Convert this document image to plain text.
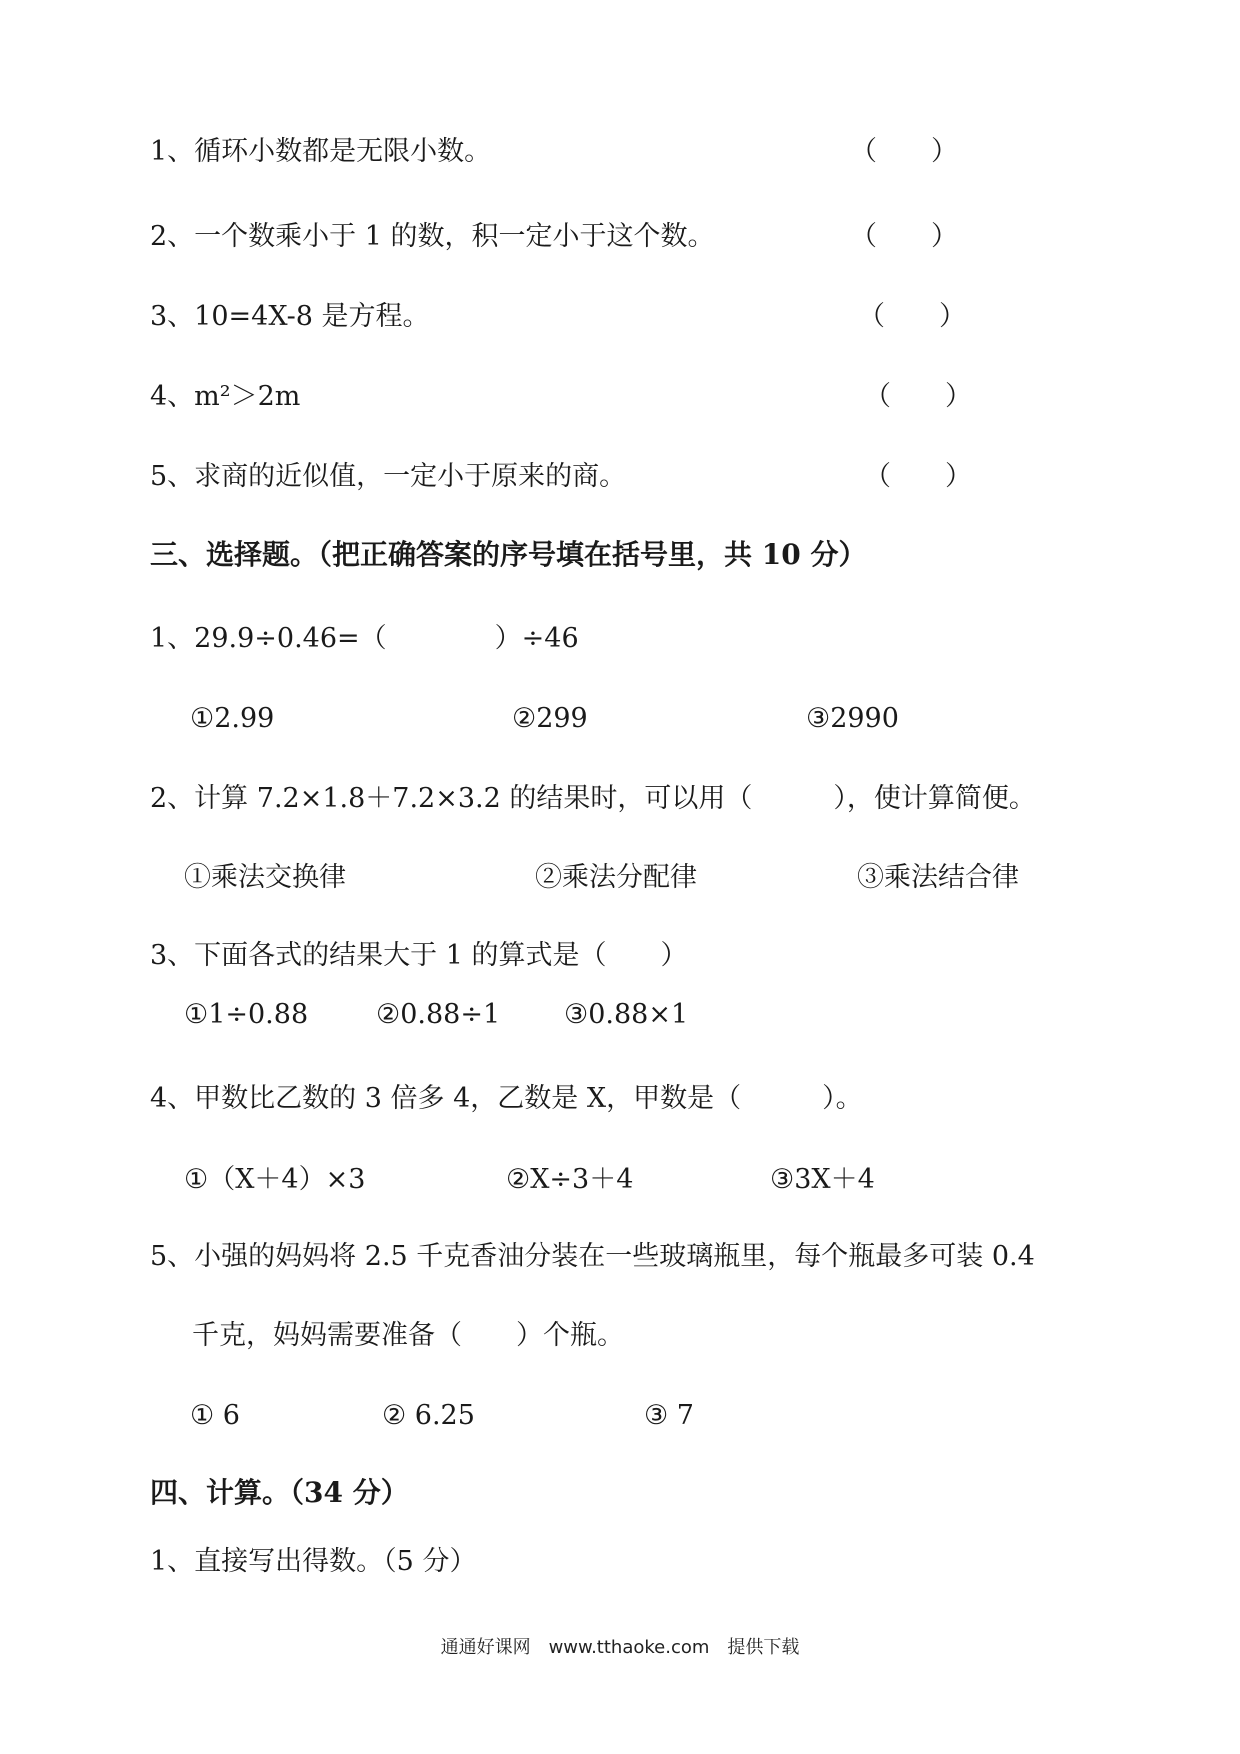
1、循环小数都是无限小数。	（　　）
2、一个数乘小于 1 的数，积一定小于这个数。	（　　）
3、10=4X-8 是方程。	（　　）
4、m²＞2m	（　　）
5、求商的近似值，一定小于原来的商。	（　　）
三、选择题。（把正确答案的序号填在括号里，共 10 分）
1、29.9÷0.46=（　　　　）÷46
①2.99	②299	③2990
2、计算 7.2×1.8＋7.2×3.2 的结果时，可以用（　　　），使计算简便。
①乘法交换律	②乘法分配律	③乘法结合律
3、下面各式的结果大于 1 的算式是（　　）
①1÷0.88	②0.88÷1 ③0.88×1
4、甲数比乙数的 3 倍多 4，乙数是 X，甲数是（　　　）。
①（X＋4）×3	②X÷3＋4	③3X＋4
5、小强的妈妈将 2.5 千克香油分装在一些玻璃瓶里，每个瓶最多可装 0.4
千克，妈妈需要准备（　　）个瓶。
① 6	② 6.25	③ 7
四、计算。（34 分）
1、直接写出得数。（5 分）
通通好课网　www.tthaoke.com　提供下载
